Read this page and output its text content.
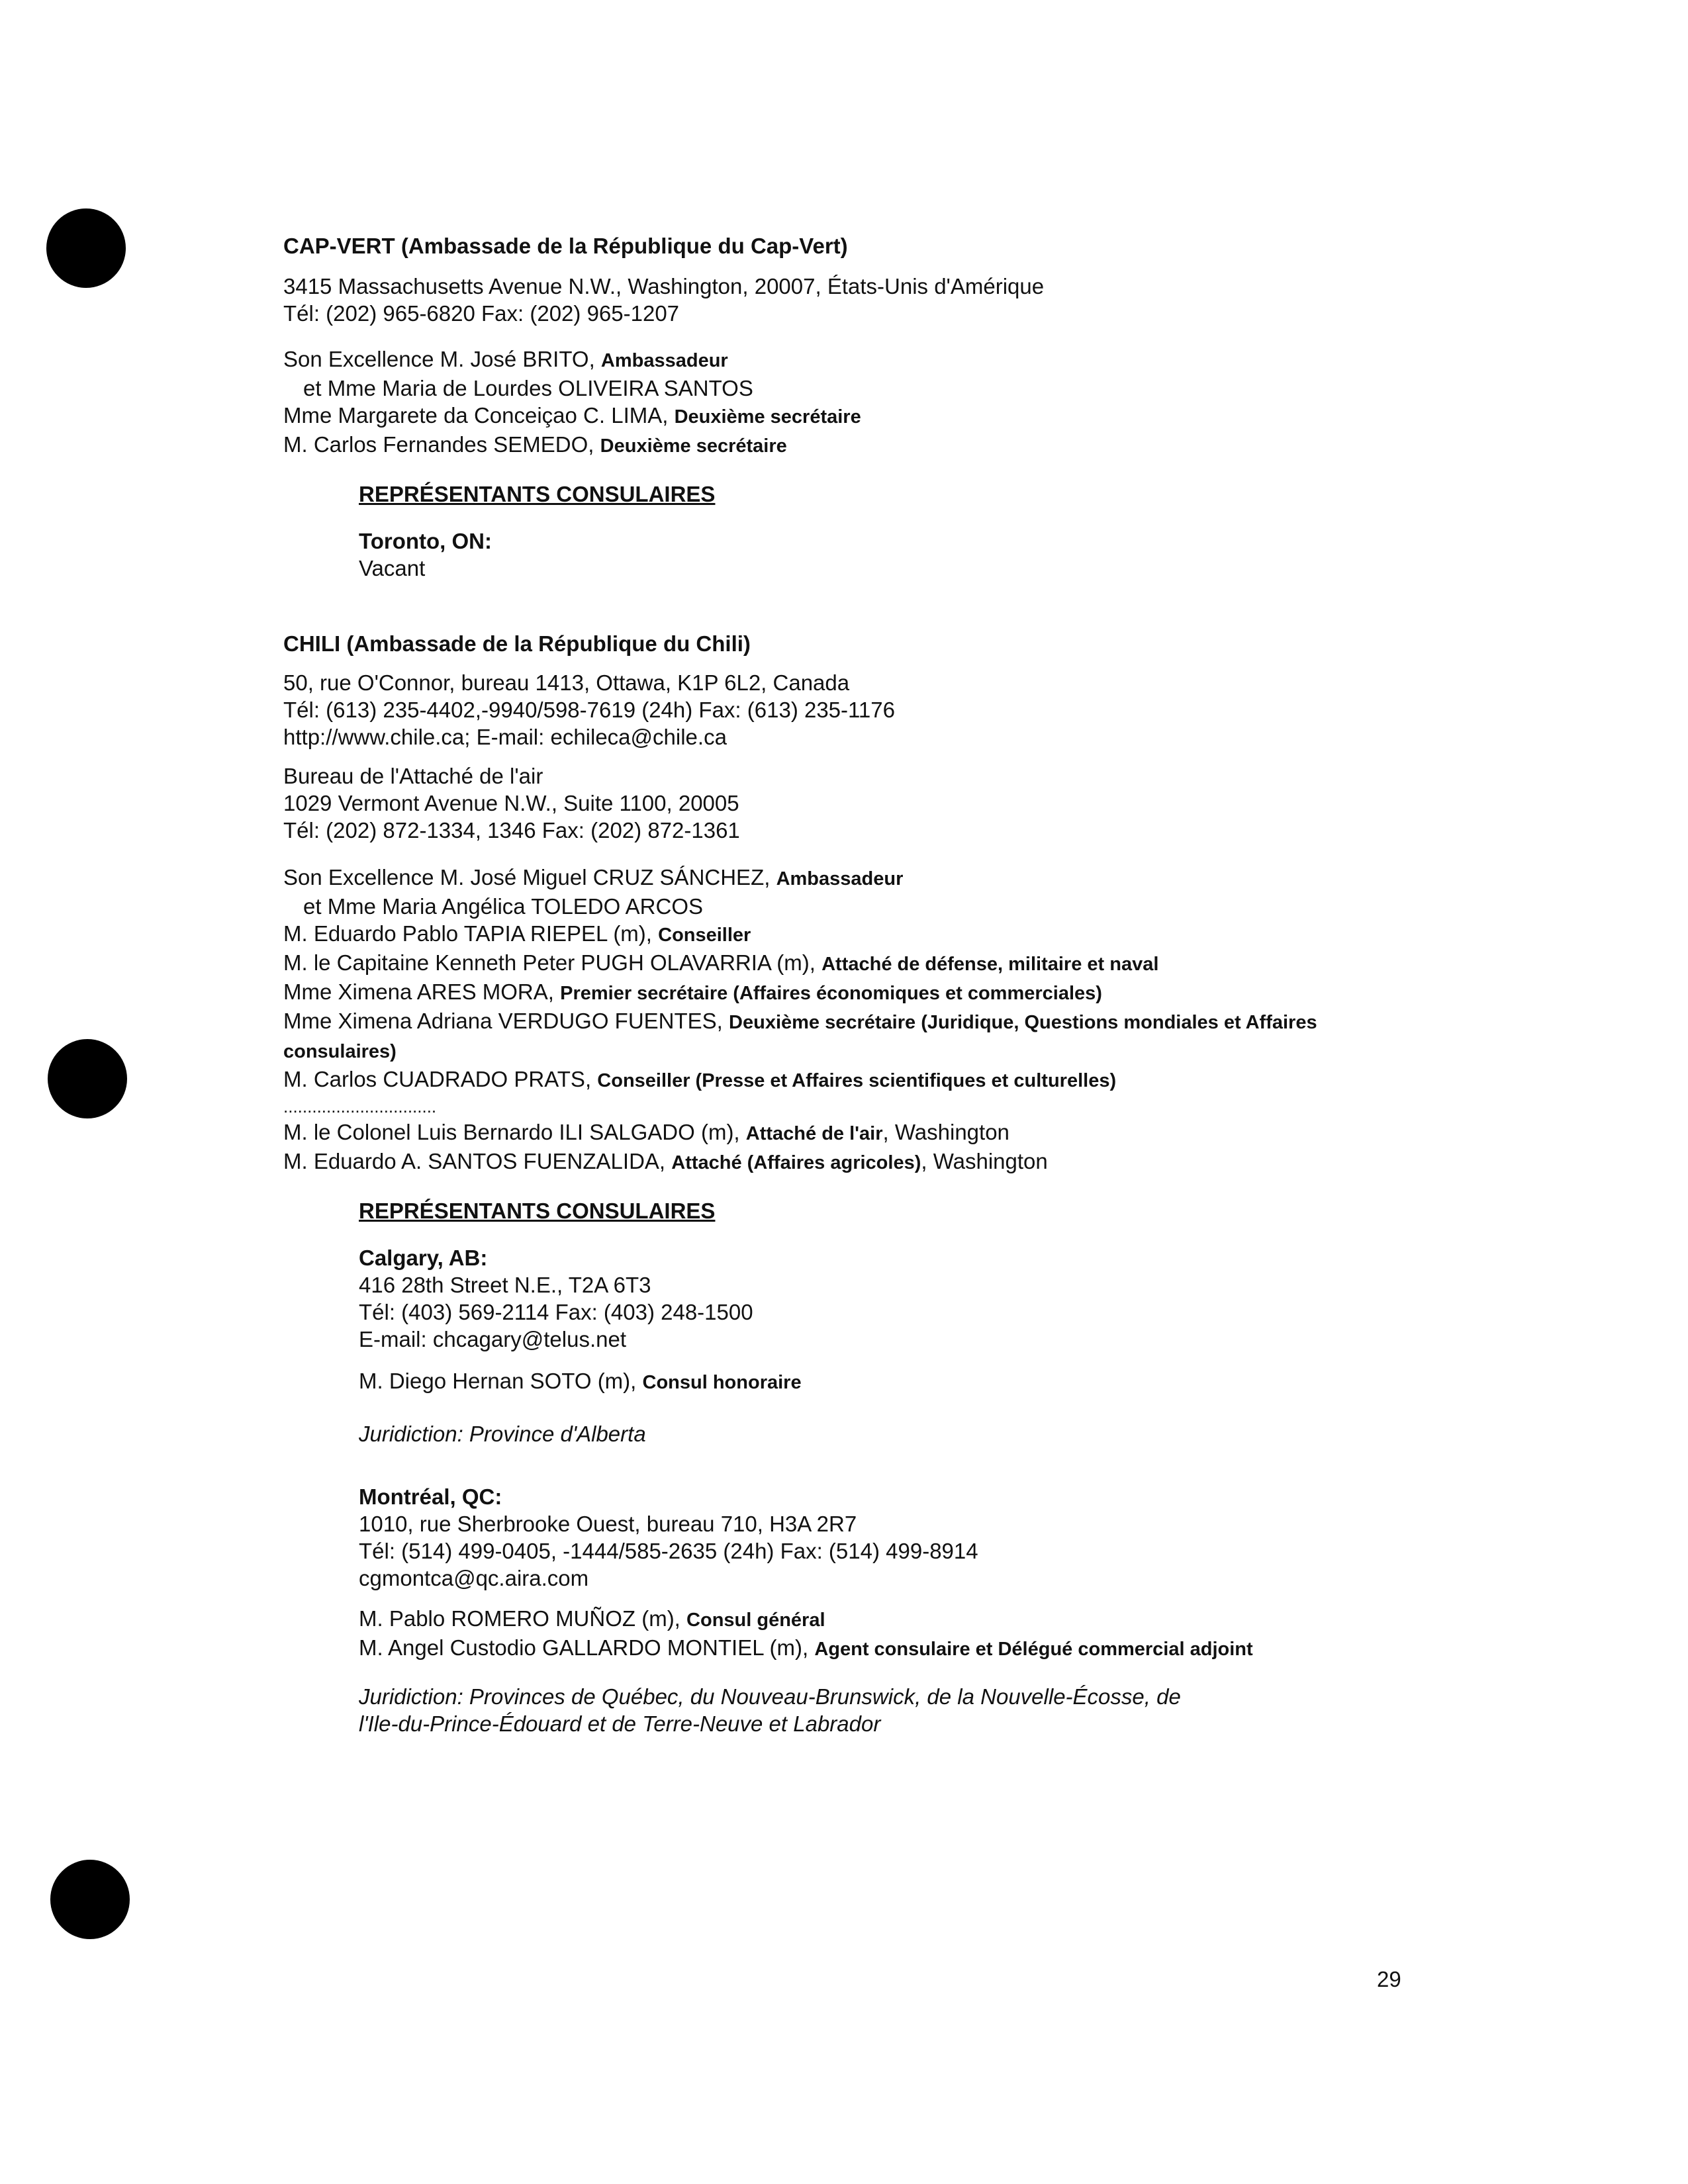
CAP-VERT (Ambassade de la République du Cap-Vert)
3415 Massachusetts Avenue N.W., Washington, 20007, États-Unis d'Amérique
Tél: (202) 965-6820 Fax: (202) 965-1207
Son Excellence M. José BRITO, Ambassadeur
et Mme Maria de Lourdes OLIVEIRA SANTOS
Mme Margarete da Conceiçao C. LIMA, Deuxième secrétaire
M. Carlos Fernandes SEMEDO, Deuxième secrétaire
REPRÉSENTANTS CONSULAIRES
Toronto, ON:
Vacant
CHILI (Ambassade de la République du Chili)
50, rue O'Connor, bureau 1413, Ottawa, K1P 6L2, Canada
Tél: (613) 235-4402,-9940/598-7619 (24h) Fax: (613) 235-1176
http://www.chile.ca; E-mail: echileca@chile.ca
Bureau de l'Attaché de l'air
1029 Vermont Avenue N.W., Suite 1100, 20005
Tél: (202) 872-1334, 1346 Fax: (202) 872-1361
Son Excellence M. José Miguel CRUZ SÁNCHEZ, Ambassadeur
et Mme Maria Angélica TOLEDO ARCOS
M. Eduardo Pablo TAPIA RIEPEL (m), Conseiller
M. le Capitaine Kenneth Peter PUGH OLAVARRIA (m), Attaché de défense, militaire et naval
Mme Ximena ARES MORA, Premier secrétaire (Affaires économiques et commerciales)
Mme Ximena Adriana VERDUGO FUENTES, Deuxième secrétaire (Juridique, Questions mondiales et Affaires consulaires)
M. Carlos CUADRADO PRATS, Conseiller (Presse et Affaires scientifiques et culturelles)
................................
M. le Colonel Luis Bernardo ILI SALGADO (m), Attaché de l'air, Washington
M. Eduardo A. SANTOS FUENZALIDA, Attaché (Affaires agricoles), Washington
REPRÉSENTANTS CONSULAIRES
Calgary, AB:
416 28th Street N.E., T2A 6T3
Tél: (403) 569-2114 Fax: (403) 248-1500
E-mail: chcagary@telus.net
M. Diego Hernan SOTO (m), Consul honoraire
Juridiction: Province d'Alberta
Montréal, QC:
1010, rue Sherbrooke Ouest, bureau 710, H3A 2R7
Tél: (514) 499-0405, -1444/585-2635 (24h) Fax: (514) 499-8914
cgmontca@qc.aira.com
M. Pablo ROMERO MUÑOZ (m), Consul général
M. Angel Custodio GALLARDO MONTIEL (m), Agent consulaire et Délégué commercial adjoint
Juridiction: Provinces de Québec, du Nouveau-Brunswick, de la Nouvelle-Écosse, de
l'Ile-du-Prince-Édouard et de Terre-Neuve et Labrador
29
